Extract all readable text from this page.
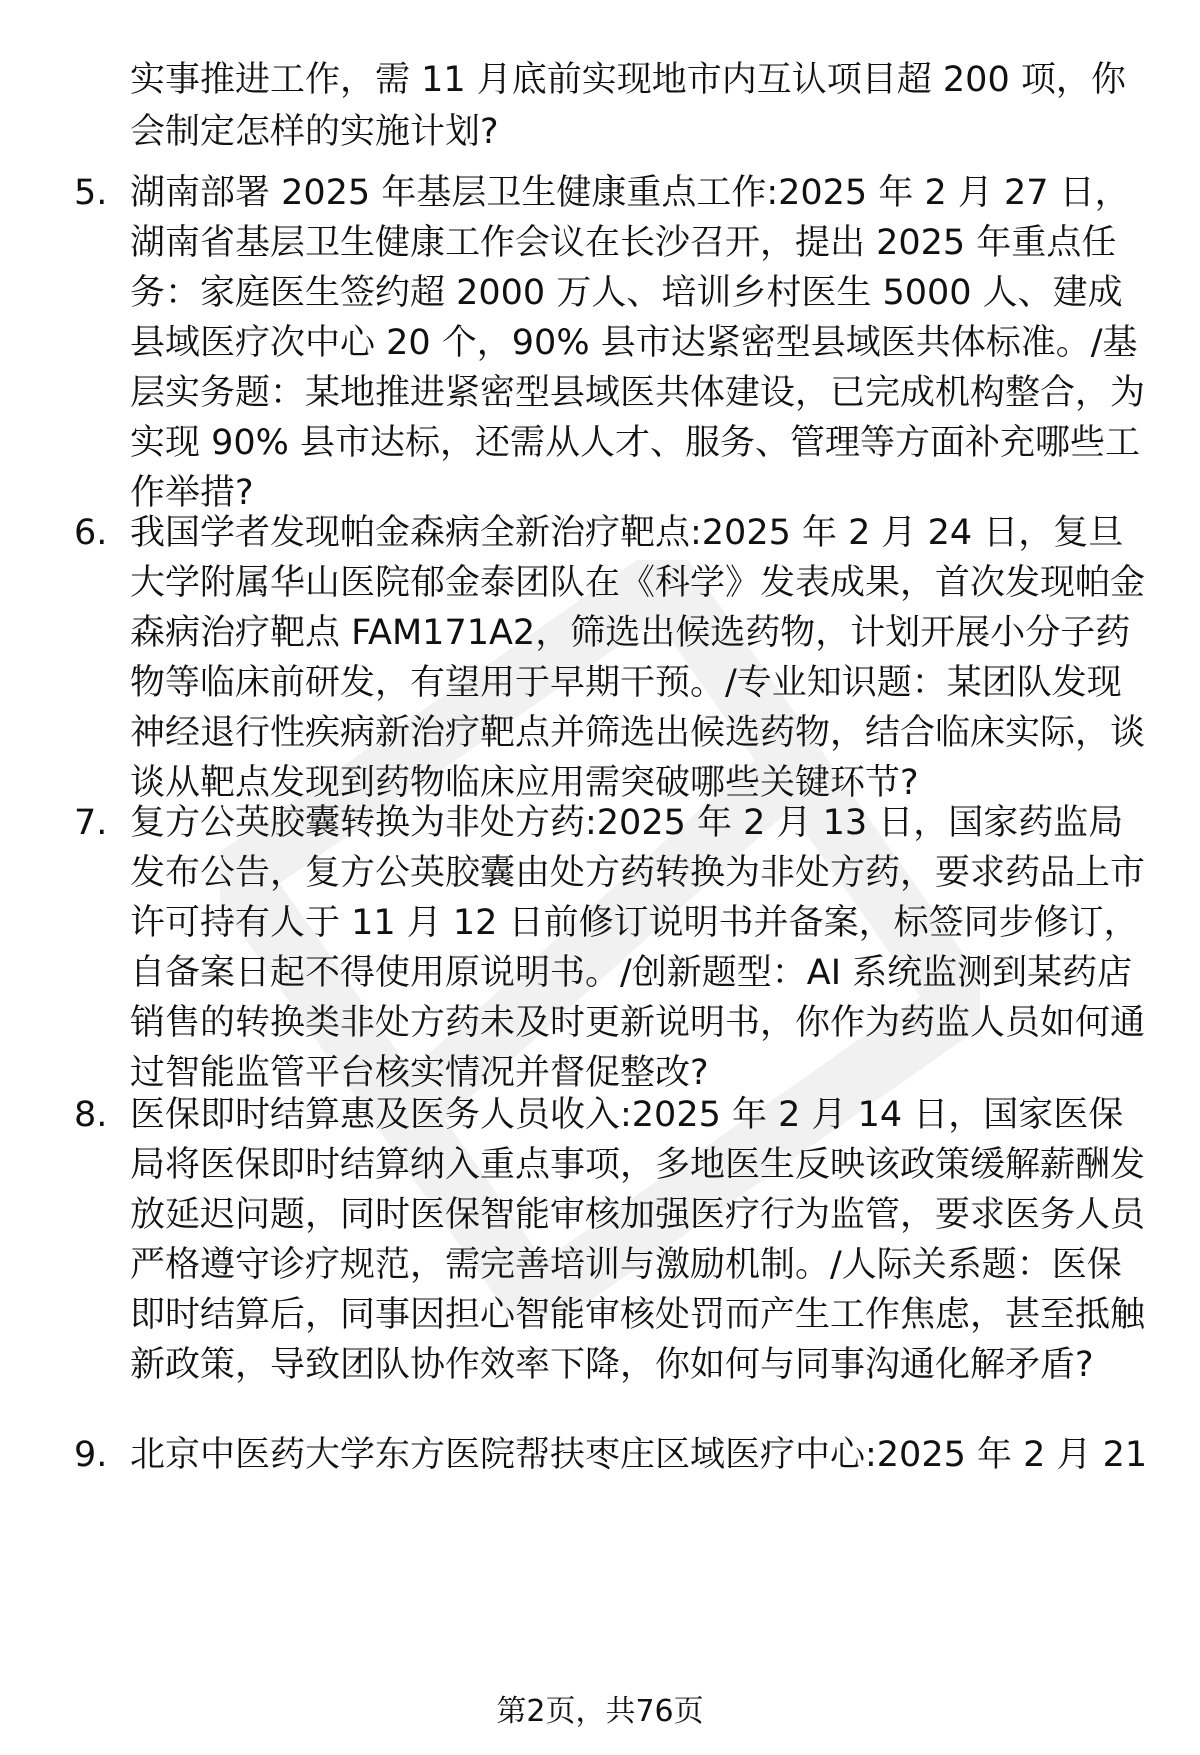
实事推进工作，需 11 月底前实现地市内互认项目超 200 项，你会制定怎样的实施计划?
5. 湖南部署 2025 年基层卫生健康重点工作:2025 年 2 月 27 日，湖南省基层卫生健康工作会议在长沙召开，提出 2025 年重点任务：家庭医生签约超 2000 万人、培训乡村医生 5000 人、建成县域医疗次中心 20 个，90% 县市达紧密型县域医共体标准。/基层实务题：某地推进紧密型县域医共体建设，已完成机构整合，为实现 90% 县市达标，还需从人才、服务、管理等方面补充哪些工作举措?
6. 我国学者发现帕金森病全新治疗靶点:2025 年 2 月 24 日，复旦大学附属华山医院郁金泰团队在《科学》发表成果，首次发现帕金森病治疗靶点 FAM171A2，筛选出候选药物，计划开展小分子药物等临床前研发，有望用于早期干预。/专业知识题：某团队发现神经退行性疾病新治疗靶点并筛选出候选药物，结合临床实际，谈谈从靶点发现到药物临床应用需突破哪些关键环节?
7. 复方公英胶囊转换为非处方药:2025 年 2 月 13 日，国家药监局发布公告，复方公英胶囊由处方药转换为非处方药，要求药品上市许可持有人于 11 月 12 日前修订说明书并备案，标签同步修订，自备案日起不得使用原说明书。/创新题型：AI 系统监测到某药店销售的转换类非处方药未及时更新说明书，你作为药监人员如何通过智能监管平台核实情况并督促整改?
8. 医保即时结算惠及医务人员收入:2025 年 2 月 14 日，国家医保局将医保即时结算纳入重点事项，多地医生反映该政策缓解薪酬发放延迟问题，同时医保智能审核加强医疗行为监管，要求医务人员严格遵守诊疗规范，需完善培训与激励机制。/人际关系题：医保即时结算后，同事因担心智能审核处罚而产生工作焦虑，甚至抵触新政策，导致团队协作效率下降，你如何与同事沟通化解矛盾?
9. 北京中医药大学东方医院帮扶枣庄区域医疗中心:2025 年 2 月 21
第2页，共76页
